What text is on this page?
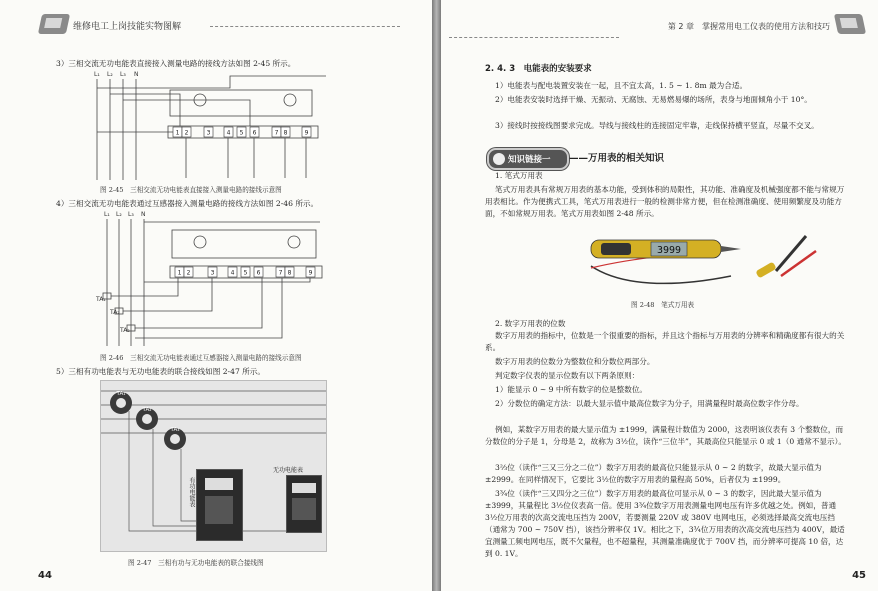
维修电工上岗技能实物图解
3）三相交流无功电能表直接接入测量电路的接线方法如图 2-45 所示。
L₁ L₂ L₃ N
1 2	3	4 5 6	7 8	9
图 2-45　三相交流无功电能表直接接入测量电路的接线示意图
4）三相交流无功电能表通过互感器接入测量电路的接线方法如图 2-46 所示。
L₁ L₂ L₃ N
TA₁
TA₂
TA₃
1 2	3	4 5 6	7 8	9
图 2-46　三相交流无功电能表通过互感器接入测量电路的接线示意图
5）三相有功电能表与无功电能表的联合接线如图 2-47 所示。
TA₁
TA₂
TA₃
有功电能表
无功电能表
图 2-47　三相有功与无功电能表的联合接线图
44
第 2 章　掌握常用电工仪表的使用方法和技巧
2. 4. 3　电能表的安装要求
1）电能表与配电装置安装在一起，且不宜太高，1. 5 ~ 1. 8m 最为合适。
2）电能表安装时选择干燥、无振动、无腐蚀、无易燃易爆的场所，表身与地面倾角小于 10°。
3）接线时按接线图要求完成。导线与接线柱的连接固定牢靠，走线保持横平竖直，尽量不交叉。
知识链接一 ——万用表的相关知识
1. 笔式万用表
笔式万用表具有常规万用表的基本功能，受到体积的局限性，其功能、准确度及机械强度都不能与常规万用表相比。作为便携式工具，笔式万用表进行一般的检测非常方便，但在检测准确度、使用频繁度及功能方面，不如常规万用表。笔式万用表如图 2-48 所示。
3999
图 2-48　笔式万用表
2. 数字万用表的位数
数字万用表的指标中，位数是一个很重要的指标，并且这个指标与万用表的分辨率和精确度都有很大的关系。
数字万用表的位数分为整数位和分数位两部分。
判定数字仪表的显示位数有以下两条原则：
1）能显示 0 ~ 9 中所有数字的位是整数位。
2）分数位的确定方法：以最大显示值中最高位数字为分子，用满量程时最高位数字作分母。
例如，某数字万用表的最大显示值为 ±1999，满量程计数值为 2000，这表明该仪表有 3 个整数位，而分数位的分子是 1，分母是 2，故称为 3½位，读作“三位半”，其最高位只能显示 0 或 1（0 通常不显示）。
3⅔位（读作“三又三分之二位”）数字万用表的最高位只能显示从 0 ~ 2 的数字，故最大显示值为 ±2999。在同样情况下，它要比 3½位的数字万用表的量程高 50%，后者仅为 ±1999。
3¾位（读作“三又四分之三位”）数字万用表的最高位可显示从 0 ~ 3 的数字，因此最大显示值为 ±3999，其量程比 3½位仪表高一倍。使用 3¾位数字万用表测量电网电压有许多优越之处。例如，普通 3½位万用表的次高交流电压挡为 200V，若要测量 220V 或 380V 电网电压，必须选择最高交流电压挡（通常为 700 ~ 750V 挡），该挡分辨率仅 1V。相比之下，3¾位万用表的次高交流电压挡为 400V，最适宜测量工频电网电压，既不欠量程，也不超量程，其测量准确度优于 700V 挡，而分辨率可提高 10 倍，达到 0. 1V。
45
